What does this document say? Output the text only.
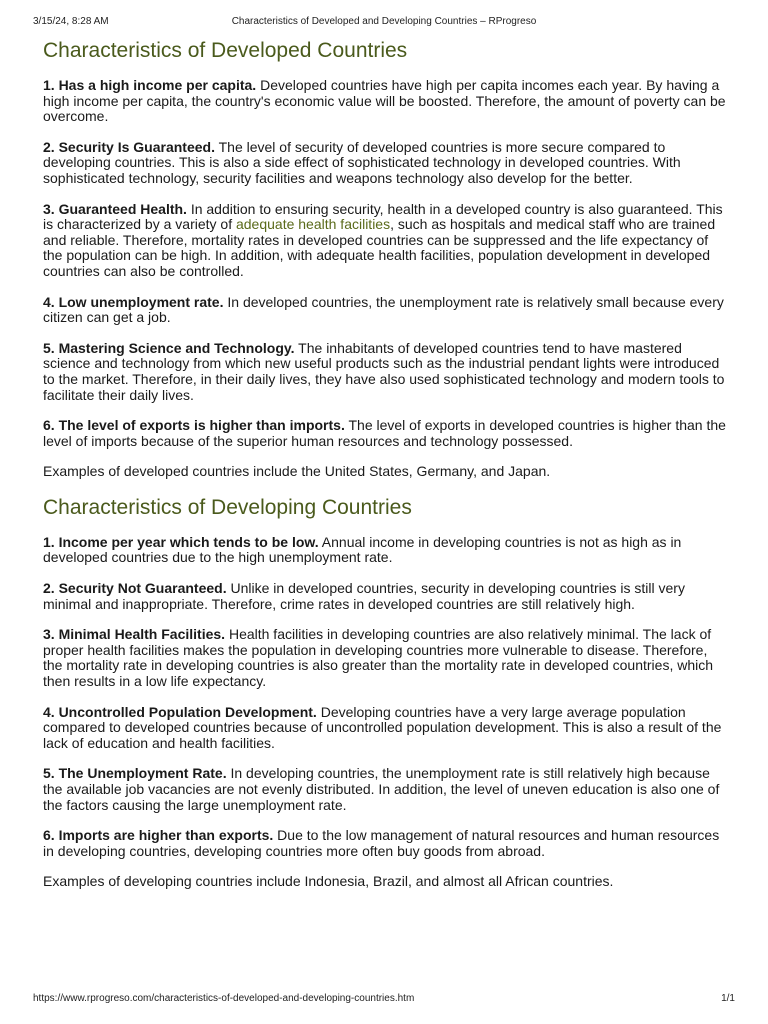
3/15/24, 8:28 AM	Characteristics of Developed and Developing Countries – RProgreso
Characteristics of Developed Countries

1. Has a high income per capita. Developed countries have high per capita incomes each year. By having a high income per capita, the country's economic value will be boosted. Therefore, the amount of poverty can be overcome.

2. Security Is Guaranteed. The level of security of developed countries is more secure compared to developing countries. This is also a side effect of sophisticated technology in developed countries. With sophisticated technology, security facilities and weapons technology also develop for the better.

3. Guaranteed Health. In addition to ensuring security, health in a developed country is also guaranteed. This is characterized by a variety of adequate health facilities, such as hospitals and medical staff who are trained and reliable. Therefore, mortality rates in developed countries can be suppressed and the life expectancy of the population can be high. In addition, with adequate health facilities, population development in developed countries can also be controlled.

4. Low unemployment rate. In developed countries, the unemployment rate is relatively small because every citizen can get a job.

5. Mastering Science and Technology. The inhabitants of developed countries tend to have mastered science and technology from which new useful products such as the industrial pendant lights were introduced to the market. Therefore, in their daily lives, they have also used sophisticated technology and modern tools to facilitate their daily lives.

6. The level of exports is higher than imports. The level of exports in developed countries is higher than the level of imports because of the superior human resources and technology possessed.

Examples of developed countries include the United States, Germany, and Japan.

Characteristics of Developing Countries

1. Income per year which tends to be low. Annual income in developing countries is not as high as in developed countries due to the high unemployment rate.

2. Security Not Guaranteed. Unlike in developed countries, security in developing countries is still very minimal and inappropriate. Therefore, crime rates in developed countries are still relatively high.

3. Minimal Health Facilities. Health facilities in developing countries are also relatively minimal. The lack of proper health facilities makes the population in developing countries more vulnerable to disease. Therefore, the mortality rate in developing countries is also greater than the mortality rate in developed countries, which then results in a low life expectancy.

4. Uncontrolled Population Development. Developing countries have a very large average population compared to developed countries because of uncontrolled population development. This is also a result of the lack of education and health facilities.

5. The Unemployment Rate. In developing countries, the unemployment rate is still relatively high because the available job vacancies are not evenly distributed. In addition, the level of uneven education is also one of the factors causing the large unemployment rate.

6. Imports are higher than exports. Due to the low management of natural resources and human resources in developing countries, developing countries more often buy goods from abroad.

Examples of developing countries include Indonesia, Brazil, and almost all African countries.

https://www.rprogreso.com/characteristics-of-developed-and-developing-countries.htm	1/1
